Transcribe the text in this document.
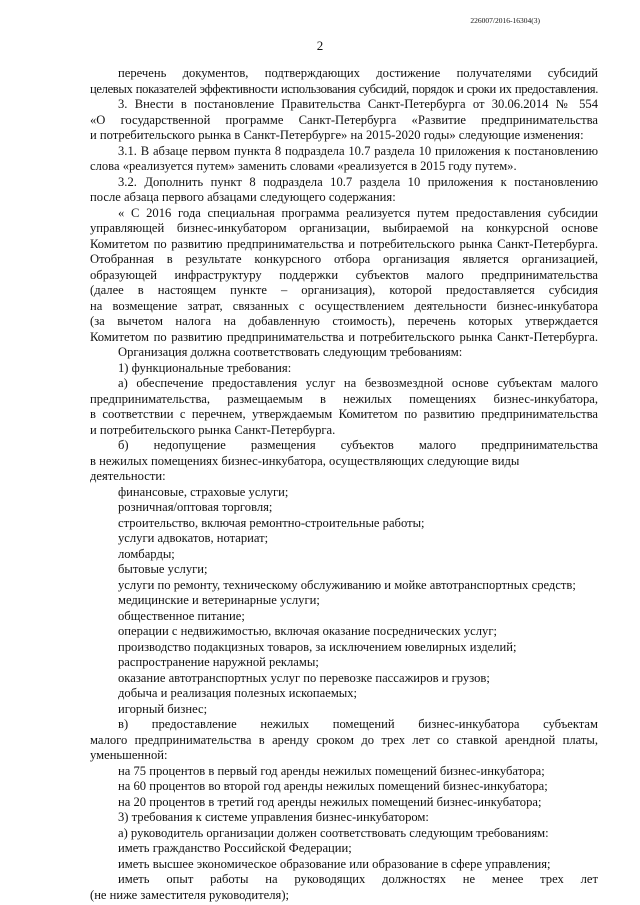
226007/2016-16304(3)
2

перечень документов, подтверждающих достижение получателями субсидий

целевых показателей эффективности использования субсидий, порядок и сроки их предоставления.

3. Внести в постановление Правительства Санкт-Петербурга от 30.06.2014 № 554

«О государственной программе Санкт-Петербурга «Развитие предпринимательства

и потребительского рынка в Санкт-Петербурге» на 2015-2020 годы» следующие изменения:

3.1. В абзаце первом пункта 8 подраздела 10.7 раздела 10 приложения к постановлению

слова «реализуется путем» заменить словами «реализуется в 2015 году путем».

3.2. Дополнить пункт 8 подраздела 10.7 раздела 10 приложения к постановлению

после абзаца первого абзацами следующего содержания:

« С 2016 года специальная программа реализуется путем предоставления субсидии

управляющей бизнес-инкубатором организации, выбираемой на конкурсной основе

Комитетом по развитию предпринимательства и потребительского рынка Санкт-Петербурга.

Отобранная в результате конкурсного отбора организация является организацией,

образующей инфраструктуру поддержки субъектов малого предпринимательства

(далее в настоящем пункте – организация), которой предоставляется субсидия

на возмещение затрат, связанных с осуществлением деятельности бизнес-инкубатора

(за вычетом налога на добавленную стоимость), перечень которых утверждается

Комитетом по развитию предпринимательства и потребительского рынка Санкт-Петербурга.

Организация должна соответствовать следующим требованиям:

1) функциональные требования:

а) обеспечение предоставления услуг на безвозмездной основе субъектам малого

предпринимательства, размещаемым в нежилых помещениях бизнес-инкубатора,

в соответствии с перечнем, утверждаемым Комитетом по развитию предпринимательства

и потребительского рынка Санкт-Петербурга.

б) недопущение размещения субъектов малого предпринимательства

в нежилых помещениях бизнес-инкубатора, осуществляющих следующие виды деятельности:

финансовые, страховые услуги;

розничная/оптовая торговля;

строительство, включая ремонтно-строительные работы;

услуги адвокатов, нотариат;

ломбарды;

бытовые услуги;

услуги по ремонту, техническому обслуживанию и мойке автотранспортных средств;

медицинские и ветеринарные услуги;

общественное питание;

операции с недвижимостью, включая оказание посреднических услуг;

производство подакцизных товаров, за исключением ювелирных изделий;

распространение наружной рекламы;

оказание автотранспортных услуг по перевозке пассажиров и грузов;

добыча и реализация полезных ископаемых;

игорный бизнес;

в) предоставление нежилых помещений бизнес-инкубатора субъектам

малого предпринимательства в аренду сроком до трех лет со ставкой арендной платы,

уменьшенной:

на 75 процентов в первый год аренды нежилых помещений бизнес-инкубатора;

на 60 процентов во второй год аренды нежилых помещений бизнес-инкубатора;

на 20 процентов в третий год аренды нежилых помещений бизнес-инкубатора;

3) требования к системе управления бизнес-инкубатором:

а) руководитель организации должен соответствовать следующим требованиям:

иметь гражданство Российской Федерации;

иметь высшее экономическое образование или образование в сфере управления;

иметь опыт работы на руководящих должностях не менее трех лет

(не ниже заместителя руководителя);
